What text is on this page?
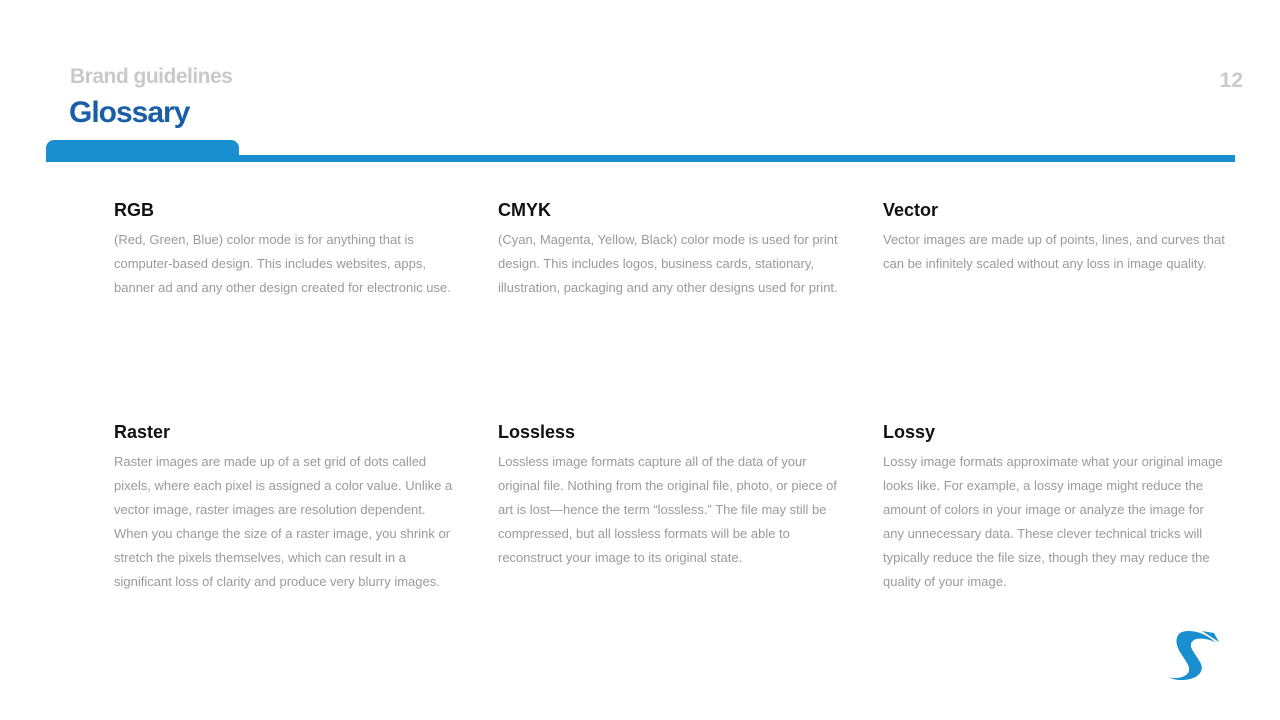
Brand guidelines
Glossary
12
RGB

(Red, Green, Blue) color mode is for anything that is computer-based design. This includes websites, apps, banner ad and any other design created for electronic use.

CMYK

(Cyan, Magenta, Yellow, Black) color mode is used for print design. This includes logos, business cards, stationary, illustration, packaging and any other designs used for print.

Vector

Vector images are made up of points, lines, and curves that can be infinitely scaled without any loss in image quality.

Raster

Raster images are made up of a set grid of dots called pixels, where each pixel is assigned a color value. Unlike a vector image, raster images are resolution dependent. When you change the size of a raster image, you shrink or stretch the pixels themselves, which can result in a significant loss of clarity and produce very blurry images.

Lossless

Lossless image formats capture all of the data of your original file. Nothing from the original file, photo, or piece of art is lost—hence the term “lossless.” The file may still be compressed, but all lossless formats will be able to reconstruct your image to its original state.

Lossy

Lossy image formats approximate what your original image looks like. For example, a lossy image might reduce the amount of colors in your image or analyze the image for any unnecessary data. These clever technical tricks will typically reduce the file size, though they may reduce the quality of your image.
